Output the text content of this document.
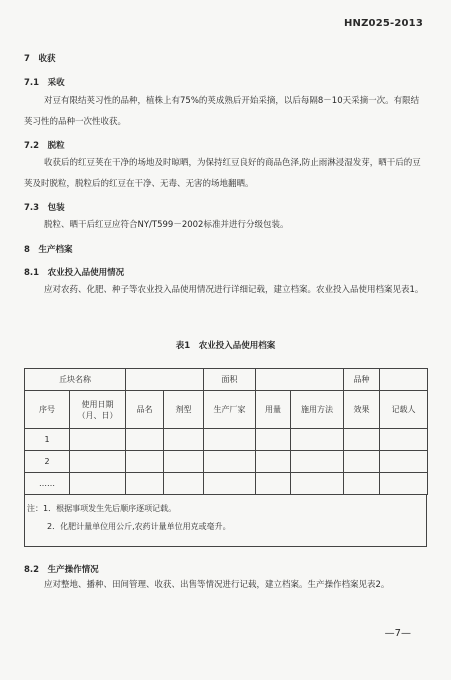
HNZ025-2013
7　 收获
7.1　 采收
对豆有限结荚习性的品种，植株上有75%的荚成熟后开始采摘，以后每隔8－10天采摘一次。有限结荚习性的品种一次性收获。
7.2　 脱粒
收获后的红豆荚在干净的场地及时晾晒，为保持红豆良好的商品色泽,防止雨淋浸湿发芽，晒干后的豆荚及时脱粒，脱粒后的红豆在干净、无毒、无害的场地翻晒。
7.3　 包装
脱粒、晒干后红豆应符合NY/T599－2002标准并进行分级包装。
8　 生产档案
8.1　 农业投入品使用情况
应对农药、化肥、种子等农业投入品使用情况进行详细记载，建立档案。农业投入品使用档案见表1。
表1　农业投入品使用档案
丘块名称				面积			品种	
序号	使用日期（月、日）	品名	剂型	生产厂家	用量	施用方法	效果	记载人
1								
2								
……								
注：1．根据事项发生先后顺序逐项记载。
2．化肥计量单位用公斤,农药计量单位用克或毫升。
8.2　 生产操作情况
应对整地、播种、田间管理、收获、出售等情况进行记载，建立档案。生产操作档案见表2。
—7—
